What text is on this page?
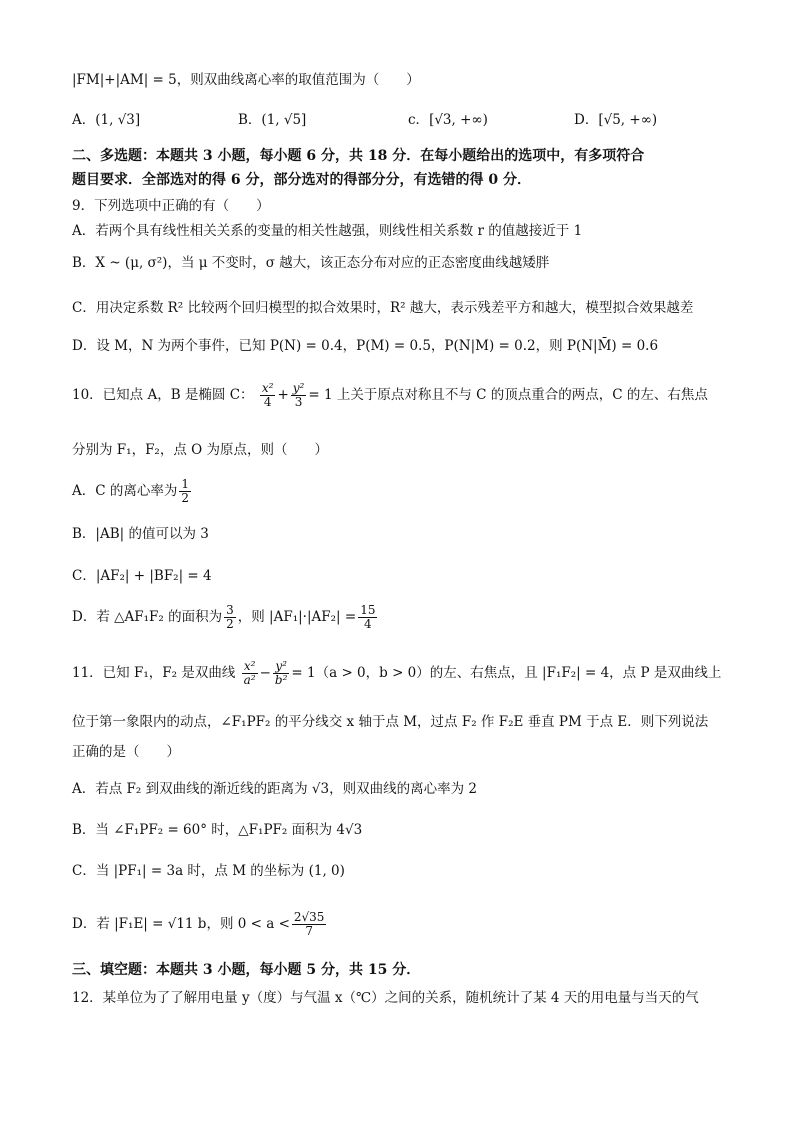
|FM|+|AM| = 5，则双曲线离心率的取值范围为（　　）
A．(1, √3]	B．(1, √5]	c．[√3, +∞)	D．[√5, +∞)
二、多选题：本题共 3 小题，每小题 6 分，共 18 分．在每小题给出的选项中，有多项符合
题目要求．全部选对的得 6 分，部分选对的得部分分，有选错的得 0 分．
9．下列选项中正确的有（　　）
A．若两个具有线性相关关系的变量的相关性越强，则线性相关系数 r 的值越接近于 1
B．X ~ (μ, σ²)，当 μ 不变时，σ 越大，该正态分布对应的正态密度曲线越矮胖
C．用决定系数 R² 比较两个回归模型的拟合效果时，R² 越大，表示残差平方和越大，模型拟合效果越差
D．设 M，N 为两个事件，已知 P(N) = 0.4，P(M) = 0.5，P(N|M) = 0.2，则 P(N|M̄) = 0.6
10．已知点 A，B 是椭圆 C： $\frac{\text{x²}}{4} + \frac{\text{y²}}{3} = 1$ 上关于原点对称且不与 C 的顶点重合的两点，C 的左、右焦点
分别为 F₁，F₂，点 O 为原点，则（　　）
A．C 的离心率为 $\frac{1}{2}$
B．|AB| 的值可以为 3
C．|AF₂| + |BF₂| = 4
D．若 △AF₁F₂ 的面积为 $\frac{3}{2}$ ，则 $|AF_1|\cdot|AF_2| = \frac{15}{4}$
11．已知 F₁，F₂ 是双曲线 $\frac{\text{x²}}{\text{a²}} - \frac{\text{y²}}{\text{b²}} = 1(a > 0$，b > 0）的左、右焦点，且 |F₁F₂| = 4，点 P 是双曲线上
位于第一象限内的动点，∠F₁PF₂ 的平分线交 x 轴于点 M，过点 F₂ 作 F₂E 垂直 PM 于点 E．则下列说法
正确的是（　　）
A．若点 F₂ 到双曲线的渐近线的距离为 √3，则双曲线的离心率为 2
B．当 ∠F₁PF₂ = 60° 时，△F₁PF₂ 面积为 4√3
C．当 |PF₁| = 3a 时，点 M 的坐标为 (1, 0)
D．若 |F₁E| = √11 b，则 $0 < a < \frac{2√35}{7}$
三、填空题：本题共 3 小题，每小题 5 分，共 15 分．
12．某单位为了了解用电量 y（度）与气温 x（℃）之间的关系，随机统计了某 4 天的用电量与当天的气
